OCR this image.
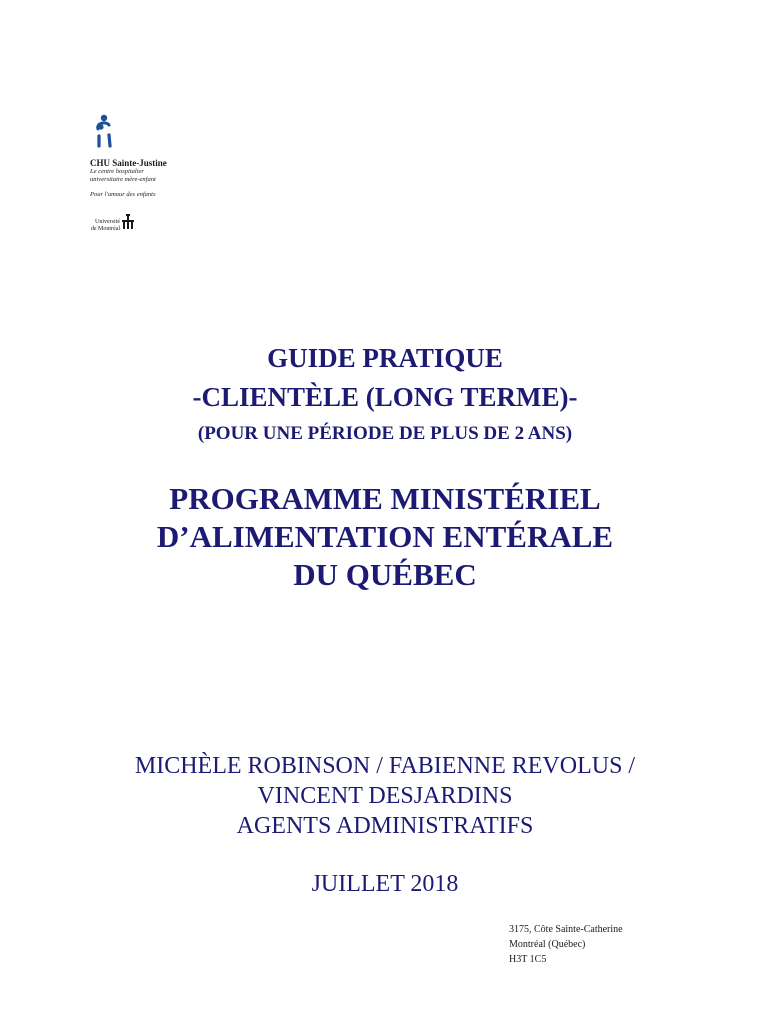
CHU Sainte-Justine
Le centre hospitalier
universitaire mère-enfant
Pour l'amour des enfants
Université
de Montréal
GUIDE PRATIQUE
-CLIENTÈLE (LONG TERME)-
(POUR UNE PÉRIODE DE PLUS DE 2 ANS)
PROGRAMME MINISTÉRIEL
D’ALIMENTATION ENTÉRALE
DU QUÉBEC
MICHÈLE ROBINSON / FABIENNE REVOLUS /
VINCENT DESJARDINS
AGENTS ADMINISTRATIFS
JUILLET 2018
3175, Côte Sainte-Catherine
Montréal (Québec)
H3T 1C5
